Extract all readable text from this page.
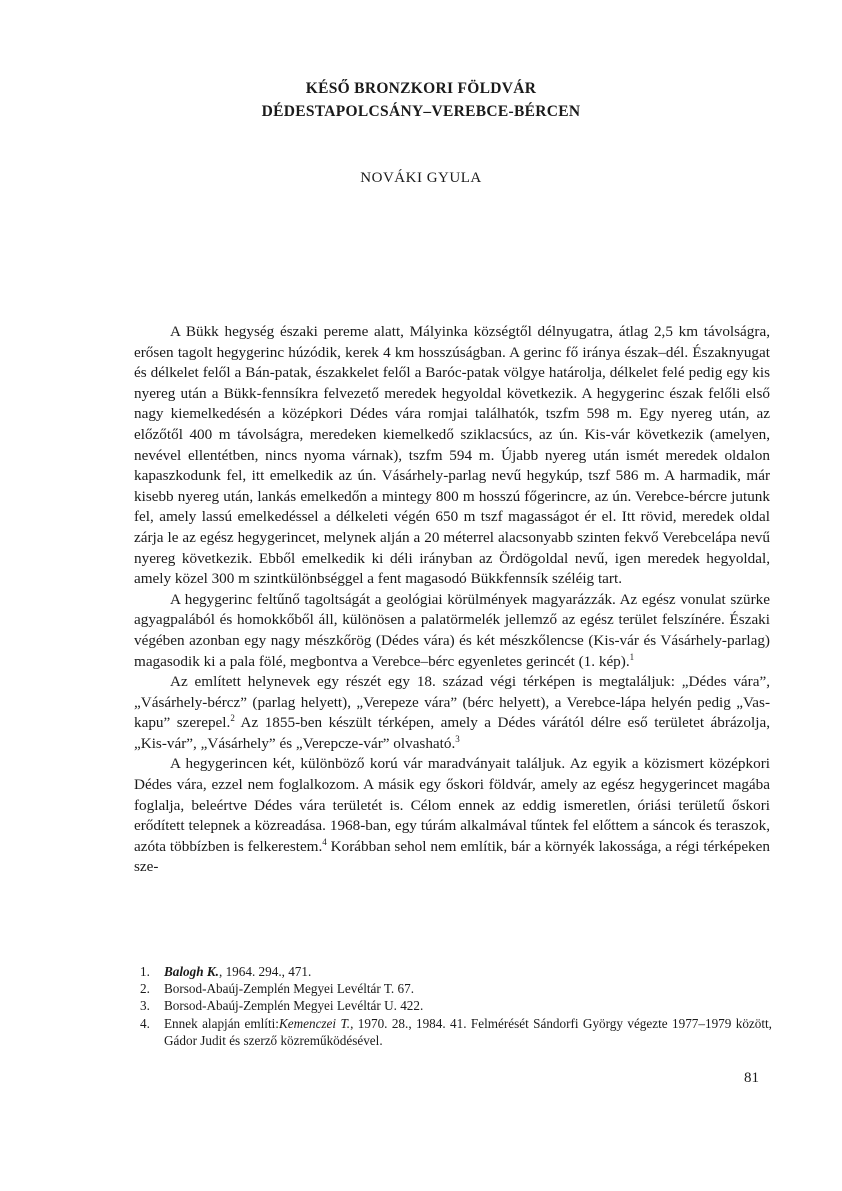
KÉSŐ BRONZKORI FÖLDVÁR
DÉDESTAPOLCSÁNY–VEREBCE-BÉRCEN
NOVÁKI GYULA

A Bükk hegység északi pereme alatt, Mályinka községtől délnyugatra, átlag 2,5 km távolságra, erősen tagolt hegygerinc húzódik, kerek 4 km hosszúságban. A gerinc fő iránya észak–dél. Északnyugat és délkelet felől a Bán-patak, északkelet felől a Baróc-patak völgye határolja, délkelet felé pedig egy kis nyereg után a Bükk-fennsíkra felvezető meredek hegyoldal következik. A hegygerinc észak felőli első nagy kiemelkedésén a középkori Dédes vára romjai találhatók, tszfm 598 m. Egy nyereg után, az előzőtől 400 m távolságra, meredeken kiemelkedő sziklacsúcs, az ún. Kis-vár következik (amelyen, nevével ellentétben, nincs nyoma várnak), tszfm 594 m. Újabb nyereg után ismét meredek oldalon kapaszkodunk fel, itt emelkedik az ún. Vásárhely-parlag nevű hegykúp, tszf 586 m. A harmadik, már kisebb nyereg után, lankás emelkedőn a mintegy 800 m hosszú főgerincre, az ún. Verebce-bércre jutunk fel, amely lassú emelkedéssel a délkeleti végén 650 m tszf magasságot ér el. Itt rövid, meredek oldal zárja le az egész hegygerincet, melynek alján a 20 méterrel alacsonyabb szinten fekvő Verebcelápa nevű nyereg következik. Ebből emelkedik ki déli irányban az Ördögoldal nevű, igen meredek hegyoldal, amely közel 300 m szintkülönbséggel a fent magasodó Bükkfennsík széléig tart.

A hegygerinc feltűnő tagoltságát a geológiai körülmények magyarázzák. Az egész vonulat szürke agyagpalából és homokkőből áll, különösen a palatörmelék jellemző az egész terület felszínére. Északi végében azonban egy nagy mészkőrög (Dédes vára) és két mészkőlencse (Kis-vár és Vásárhely-parlag) magasodik ki a pala fölé, megbontva a Verebce–bérc egyenletes gerincét (1. kép).$^1$

Az említett helynevek egy részét egy 18. század végi térképen is megtaláljuk: „Dédes vára”, „Vásárhely-bércz” (parlag helyett), „Verepeze vára” (bérc helyett), a Verebce-lápa helyén pedig „Vas-kapu” szerepel.$^2$ Az 1855-ben készült térképen, amely a Dédes várától délre eső területet ábrázolja, „Kis-vár”, „Vásárhely” és „Verepcze-vár” olvasható.$^3$

A hegygerincen két, különböző korú vár maradványait találjuk. Az egyik a közismert középkori Dédes vára, ezzel nem foglalkozom. A másik egy őskori földvár, amely az egész hegygerincet magába foglalja, beleértve Dédes vára területét is. Célom ennek az eddig ismeretlen, óriási területű őskori erődített telepnek a közreadása. 1968-ban, egy túrám alkalmával tűntek fel előttem a sáncok és teraszok, azóta többízben is felkerestem.$^4$ Korábban sehol nem említik, bár a környék lakossága, a régi térképeken sze-

1.	Balogh K., 1964. 294., 471.
2.	Borsod-Abaúj-Zemplén Megyei Levéltár T. 67.
3.	Borsod-Abaúj-Zemplén Megyei Levéltár U. 422.
4.	Ennek alapján említi:Kemenczei T., 1970. 28., 1984. 41. Felmérését Sándorfi György végezte 1977–1979 között, Gádor Judit és szerző közreműködésével.
81
